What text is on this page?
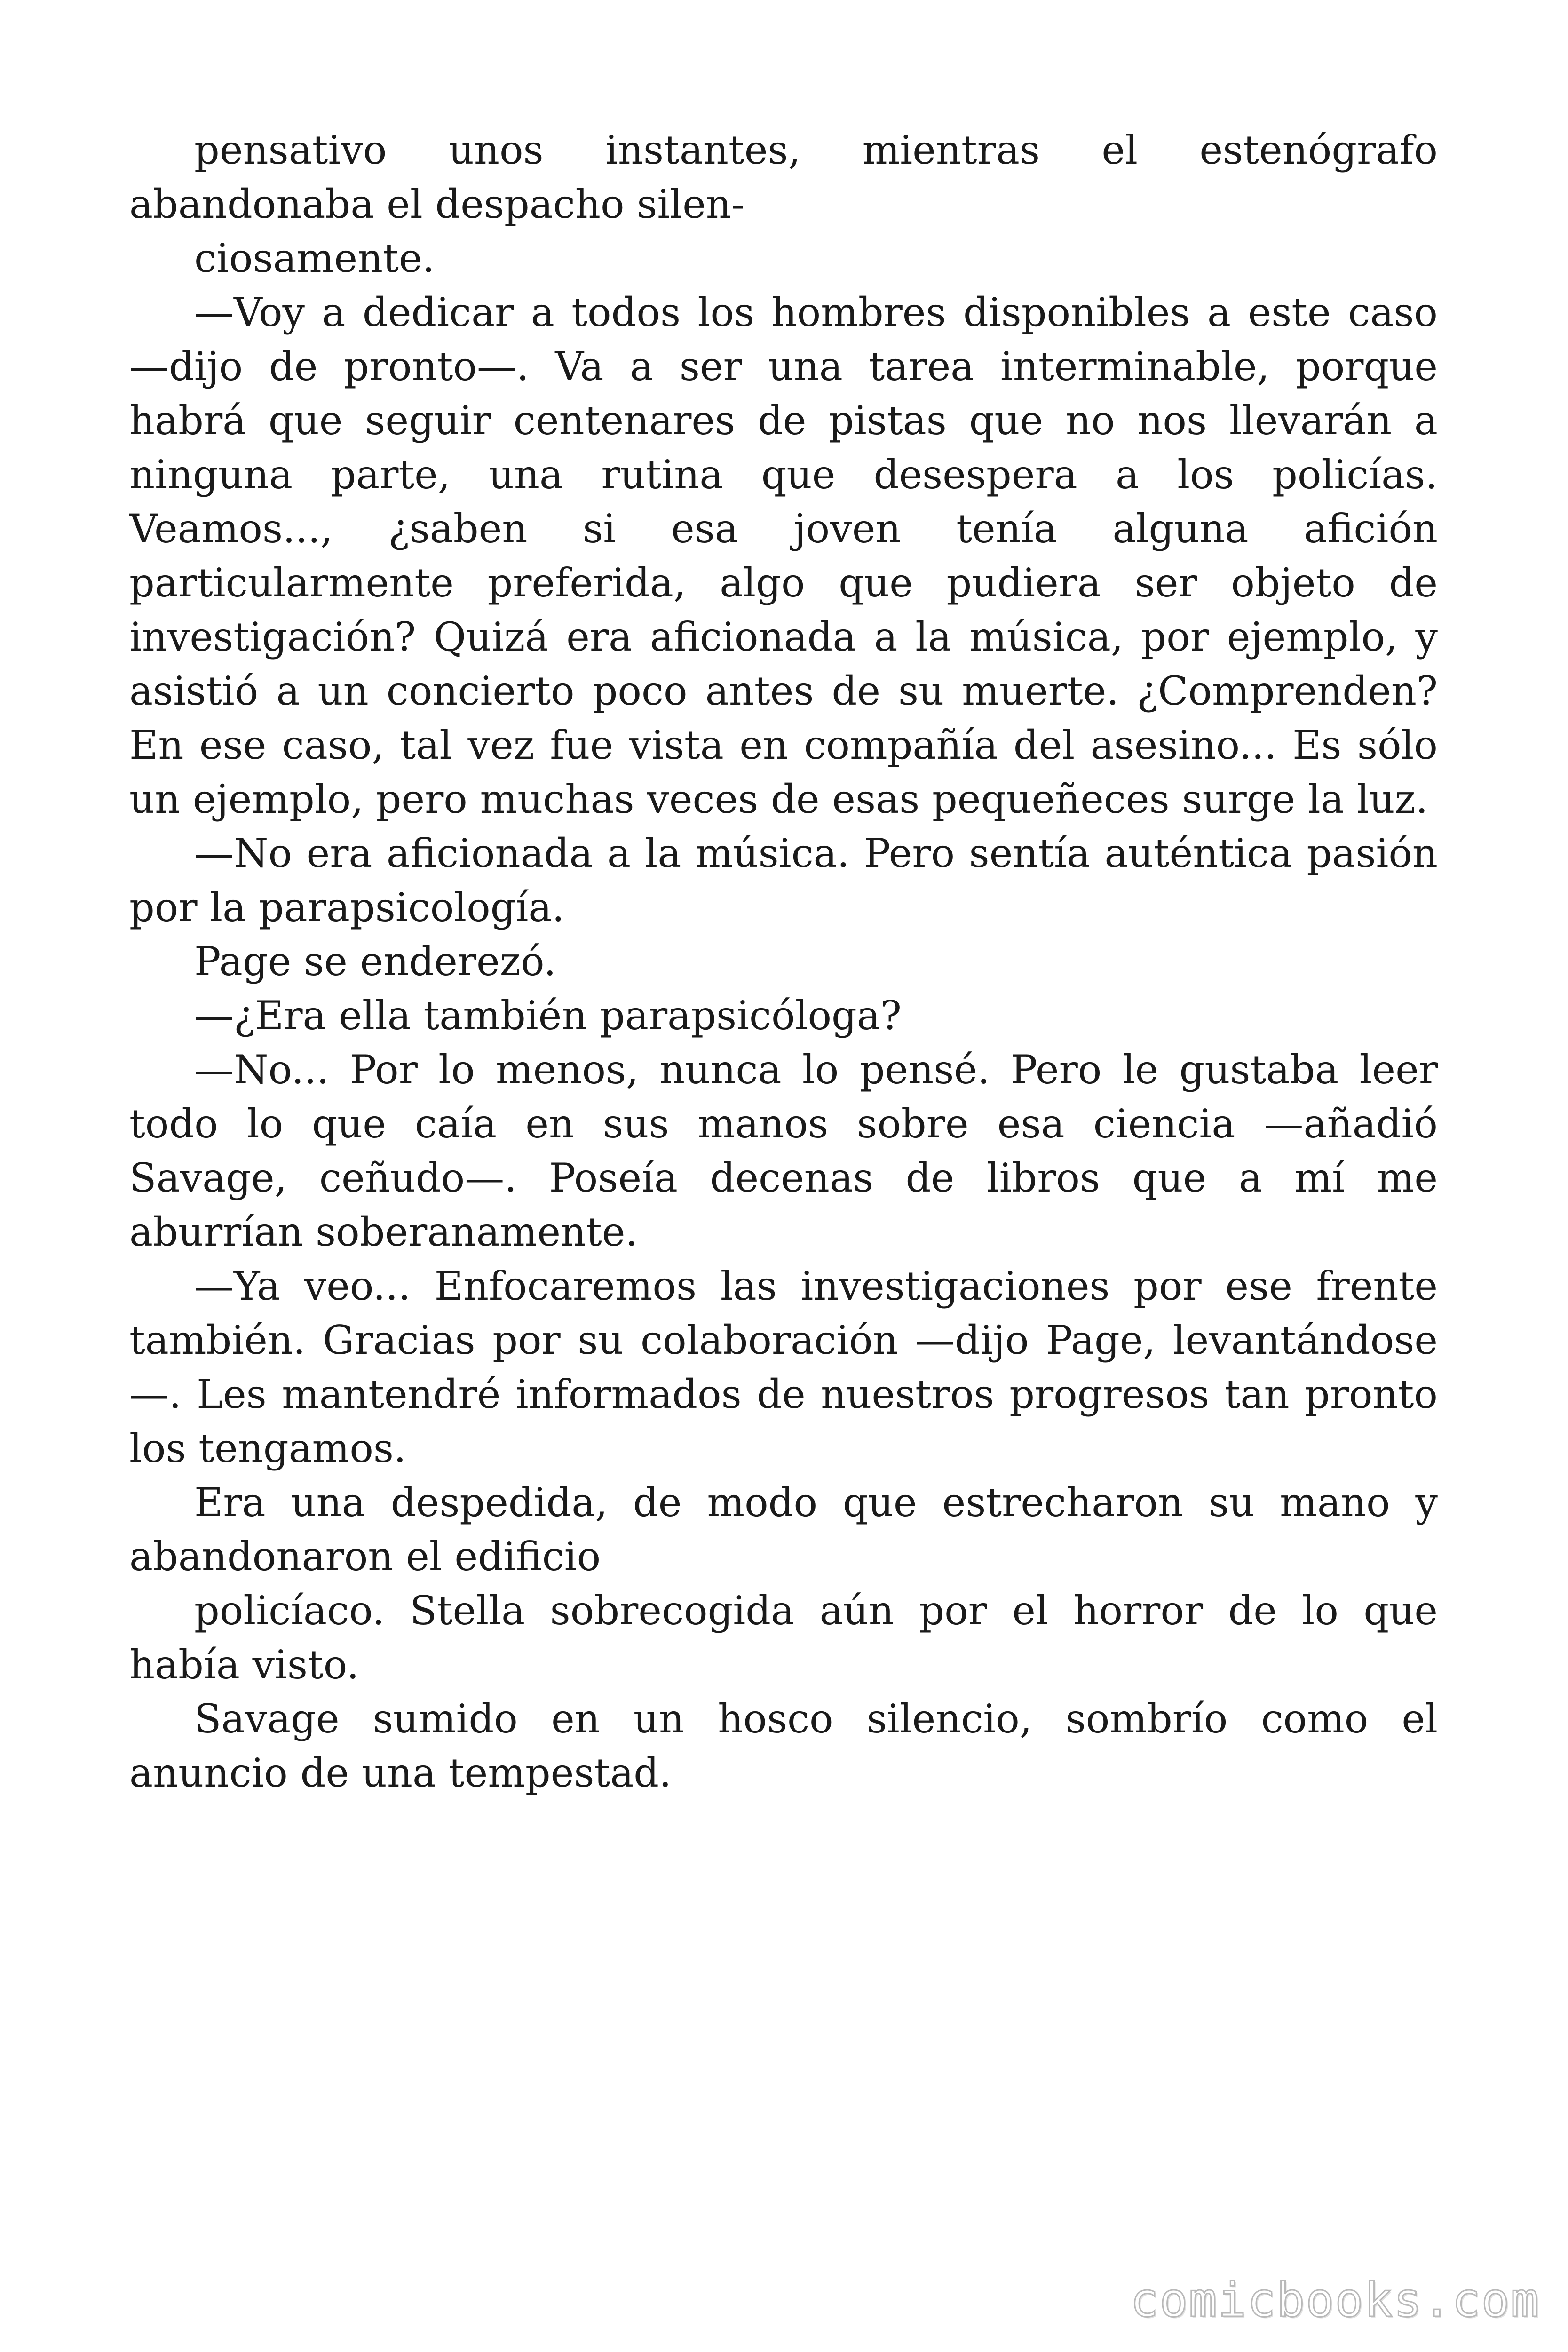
pensativo unos instantes, mientras el estenógrafo abandonaba el despacho silen-

ciosamente.

—Voy a dedicar a todos los hombres disponibles a este caso —dijo de pronto—. Va a ser una tarea interminable, porque habrá que seguir centenares de pistas que no nos llevarán a ninguna parte, una rutina que desespera a los policías. Veamos..., ¿saben si esa joven tenía alguna afición particularmente preferida, algo que pudiera ser objeto de investigación? Quizá era aficionada a la música, por ejemplo, y asistió a un concierto poco antes de su muerte. ¿Comprenden? En ese caso, tal vez fue vista en compañía del asesino... Es sólo un ejemplo, pero muchas veces de esas pequeñeces surge la luz.

—No era aficionada a la música. Pero sentía auténtica pasión por la parapsicología.

Page se enderezó.

—¿Era ella también parapsicóloga?

—No... Por lo menos, nunca lo pensé. Pero le gustaba leer todo lo que caía en sus manos sobre esa ciencia —añadió Savage, ceñudo—. Poseía decenas de libros que a mí me aburrían soberanamente.

—Ya veo... Enfocaremos las investigaciones por ese frente también. Gracias por su colaboración —dijo Page, levantándose—. Les mantendré informados de nuestros progresos tan pronto los tengamos.

Era una despedida, de modo que estrecharon su mano y abandonaron el edificio

policíaco. Stella sobrecogida aún por el horror de lo que había visto.

Savage sumido en un hosco silencio, sombrío como el anuncio de una tempestad.

comicbooks.com
